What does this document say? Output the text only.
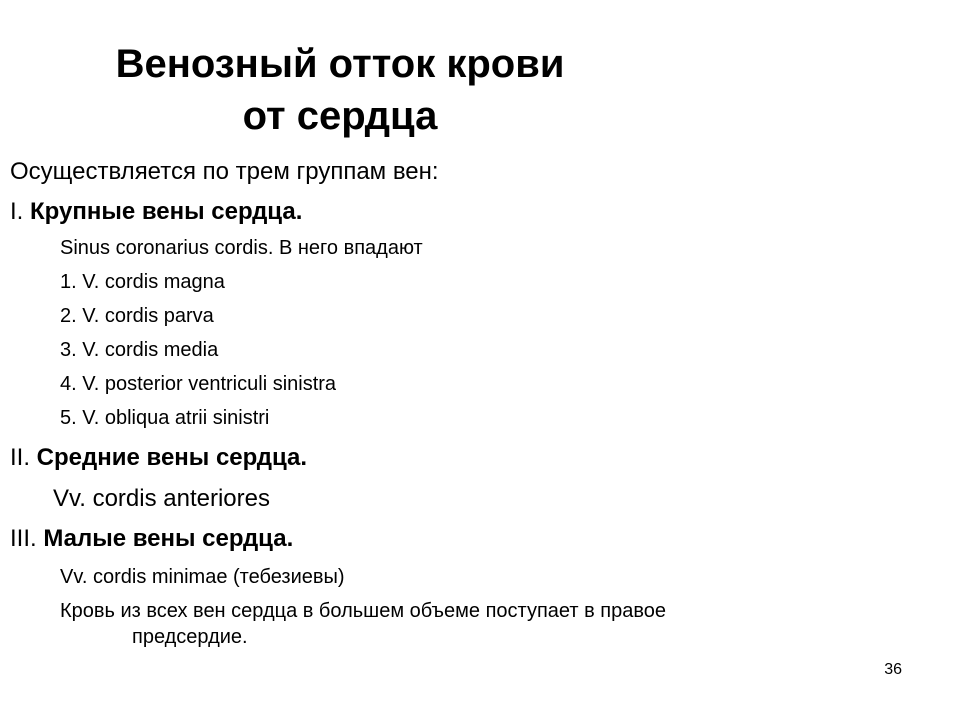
Венозный отток крови
от сердца
Осуществляется по трем группам вен:
I. Крупные вены сердца.
Sinus coronarius cordis. В него впадают
1. V. cordis magna
2. V. cordis parva
3. V. cordis media
4. V. posterior ventriculi sinistra
5. V. obliqua atrii sinistri
II. Средние вены сердца.
Vv. cordis anteriores
III. Малые вены сердца.
Vv. cordis minimae (тебезиевы)
Кровь из всех вен сердца в большем объеме поступает в правое
предсердие.
36
